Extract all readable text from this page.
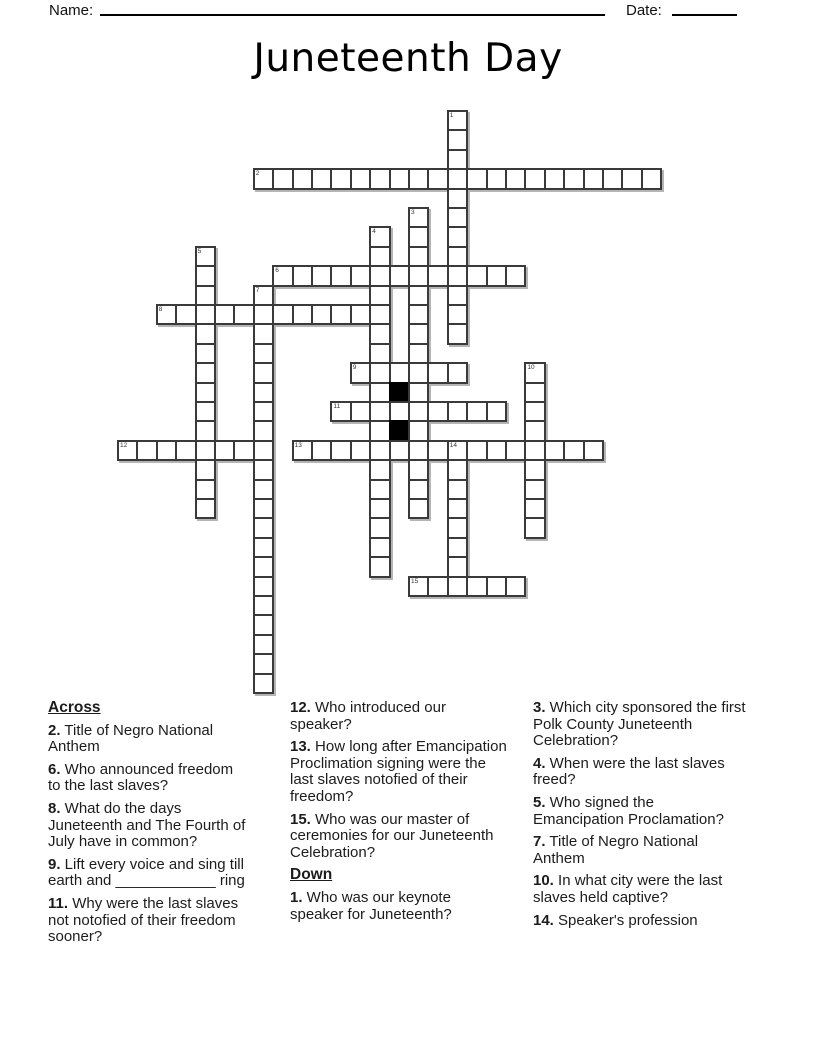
Name:	Date:
Juneteenth Day
1
2
3
4
5
6
7
8
9	10
11
12	13	14
15
Across
2. Title of Negro National Anthem
6. Who announced freedom to the last slaves?
8. What do the days Juneteenth and The Fourth of July have in common?
9. Lift every voice and sing till earth and ____________ ring
11. Why were the last slaves not notofied of their freedom sooner?
12. Who introduced our speaker?
13. How long after Emancipation Proclimation signing were the last slaves notofied of their freedom?
15. Who was our master of ceremonies for our Juneteenth Celebration?
Down
1. Who was our keynote speaker for Juneteenth?
3. Which city sponsored the first Polk County Juneteenth Celebration?
4. When were the last slaves freed?
5. Who signed the Emancipation Proclamation?
7. Title of Negro National Anthem
10. In what city were the last slaves held captive?
14. Speaker's profession
